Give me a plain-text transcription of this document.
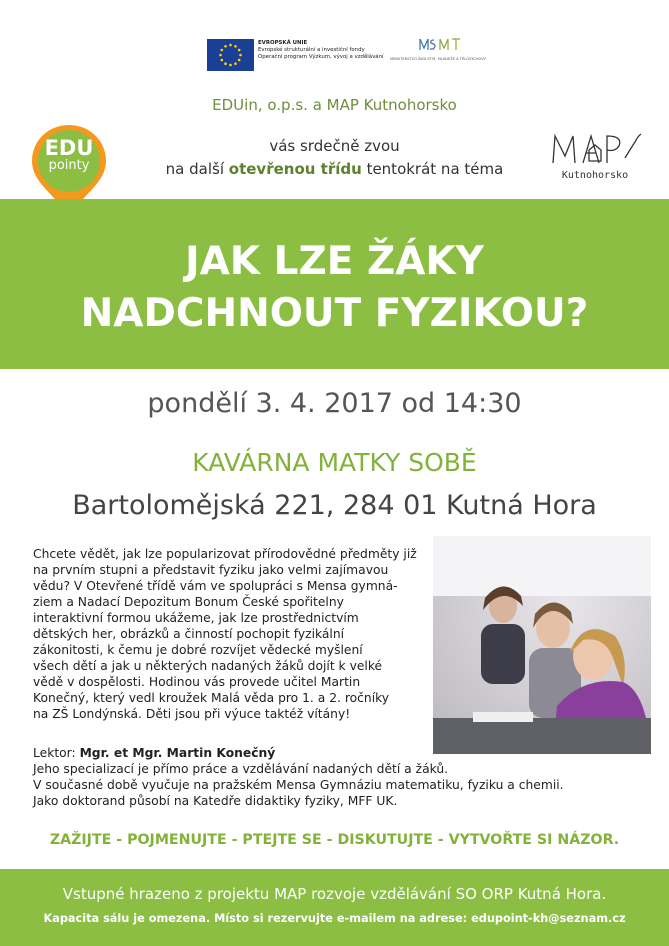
EVROPSKÁ UNIE
Evropské strukturální a investiční fondy
Operační program Výzkum, vývoj a vzdělávání	MINISTERSTVO ŠKOLSTVÍ, MLÁDEŽE A TĚLOVÝCHOVY
EDUin, o.p.s. a MAP Kutnohorsko
EDU
pointy
vás srdečně zvou
na další otevřenou třídu tentokrát na téma	Kutnohorsko
JAK LZE ŽÁKY
NADCHNOUT FYZIKOU?
pondělí 3. 4. 2017 od 14:30
KAVÁRNA MATKY SOBĚ
Bartolomějská 221, 284 01 Kutná Hora
Chcete vědět, jak lze popularizovat přírodovědné předměty již
na prvním stupni a představit fyziku jako velmi zajímavou
vědu? V Otevřené třídě vám ve spolupráci s Mensa gymná-
ziem a Nadací Depozitum Bonum České spořitelny
interaktivní formou ukážeme, jak lze prostřednictvím
dětských her, obrázků a činností pochopit fyzikální
zákonitosti, k čemu je dobré rozvíjet vědecké myšlení
všech dětí a jak u některých nadaných žáků dojít k velké
vědě v dospělosti. Hodinou vás provede učitel Martin
Konečný, který vedl kroužek Malá věda pro 1. a 2. ročníky
na ZŠ Londýnská. Děti jsou při výuce taktéž vítány!
Lektor: Mgr. et Mgr. Martin Konečný
Jeho specializací je přímo práce a vzdělávání nadaných dětí a žáků.
V současné době vyučuje na pražském Mensa Gymnáziu matematiku, fyziku a chemii.
Jako doktorand působí na Katedře didaktiky fyziky, MFF UK.
ZAŽIJTE - POJMENUJTE - PTEJTE SE - DISKUTUJTE - VYTVOŘTE SI NÁZOR.
Vstupné hrazeno z projektu MAP rozvoje vzdělávání SO ORP Kutná Hora.
Kapacita sálu je omezena. Místo si rezervujte e-mailem na adrese: edupoint-kh@seznam.cz
